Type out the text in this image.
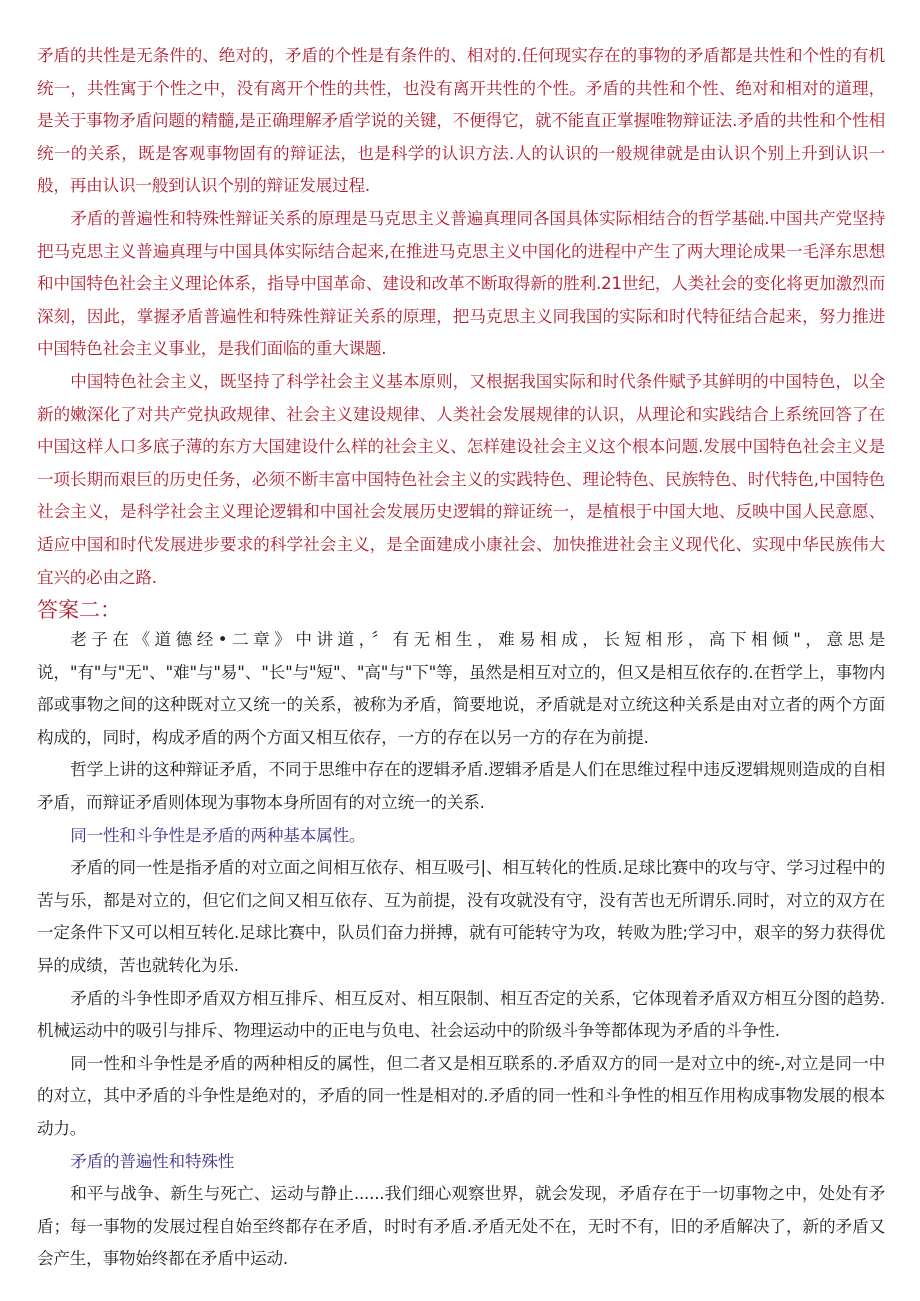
矛盾的共性是无条件的、绝对的，矛盾的个性是有条件的、相对的.任何现实存在的事物的矛盾都是共性和个性的有机统一，共性寓于个性之中，没有离开个性的共性，也没有离开共性的个性。矛盾的共性和个性、绝对和相对的道理，是关于事物矛盾问题的精髓,是正确理解矛盾学说的关键，不便得它，就不能直正掌握唯物辩证法.矛盾的共性和个性相统一的关系，既是客观事物固有的辩证法，也是科学的认识方法.人的认识的一般规律就是由认识个别上升到认识一般，再由认识一般到认识个别的辩证发展过程.

矛盾的普遍性和特殊性辩证关系的原理是马克思主义普遍真理同各国具体实际相结合的哲学基础.中国共产党坚持把马克思主义普遍真理与中国具体实际结合起来,在推进马克思主义中国化的进程中产生了两大理论成果一毛泽东思想和中国特色社会主义理论体系，指导中国革命、建设和改革不断取得新的胜利.21世纪，人类社会的变化将更加激烈而深刻，因此，掌握矛盾普遍性和特殊性辩证关系的原理，把马克思主义同我国的实际和时代特征结合起来，努力推进中国特色社会主义事业，是我们面临的重大课题.

中国特色社会主义，既坚持了科学社会主义基本原则，又根据我国实际和时代条件赋予其鲜明的中国特色，以全新的嫩深化了对共产党执政规律、社会主义建设规律、人类社会发展规律的认识，从理论和实践结合上系统回答了在中国这样人口多底子薄的东方大国建设什么样的社会主义、怎样建设社会主义这个根本问题.发展中国特色社会主义是一项长期而艰巨的历史任务，必须不断丰富中国特色社会主义的实践特色、理论特色、民族特色、时代特色,中国特色社会主义，是科学社会主义理论逻辑和中国社会发展历史逻辑的辩证统一，是植根于中国大地、反映中国人民意愿、适应中国和时代发展进步要求的科学社会主义，是全面建成小康社会、加快推进社会主义现代化、实现中华民族伟大宜兴的必由之路.

答案二：

老子在《道德经•二章》中讲道，〞有无相生，难易相成，长短相形，高下相倾"，意思是说，"有"与"无"、"难"与"易"、"长"与"短"、"高"与"下"等，虽然是相互对立的，但又是相互依存的.在哲学上，事物内部或事物之间的这种既对立又统一的关系，被称为矛盾，简要地说，矛盾就是对立统这种关系是由对立者的两个方面构成的，同时，构成矛盾的两个方面又相互依存，一方的存在以另一方的存在为前提.

哲学上讲的这种辩证矛盾，不同于思维中存在的逻辑矛盾.逻辑矛盾是人们在思维过程中违反逻辑规则造成的自相矛盾，而辩证矛盾则体现为事物本身所固有的对立统一的关系.

同一性和斗争性是矛盾的两种基本属性。

矛盾的同一性是指矛盾的对立面之间相互依存、相互吸弓|、相互转化的性质.足球比赛中的攻与守、学习过程中的苦与乐，都是对立的，但它们之间又相互依存、互为前提，没有攻就没有守，没有苦也无所谓乐.同时，对立的双方在一定条件下又可以相互转化.足球比赛中，队员们奋力拼搏，就有可能转守为攻，转败为胜;学习中，艰辛的努力获得优异的成绩，苦也就转化为乐.

矛盾的斗争性即矛盾双方相互排斥、相互反对、相互限制、相互否定的关系，它体现着矛盾双方相互分图的趋势.机械运动中的吸引与排斥、物理运动中的正电与负电、社会运动中的阶级斗争等都体现为矛盾的斗争性.

同一性和斗争性是矛盾的两种相反的属性，但二者又是相互联系的.矛盾双方的同一是对立中的统-,对立是同一中的对立，其中矛盾的斗争性是绝对的，矛盾的同一性是相对的.矛盾的同一性和斗争性的相互作用构成事物发展的根本动力。

矛盾的普遍性和特殊性

和平与战争、新生与死亡、运动与静止......我们细心观察世界，就会发现，矛盾存在于一切事物之中，处处有矛盾；每一事物的发展过程自始至终都存在矛盾，时时有矛盾.矛盾无处不在，无时不有，旧的矛盾解决了，新的矛盾又会产生，事物始终都在矛盾中运动.
